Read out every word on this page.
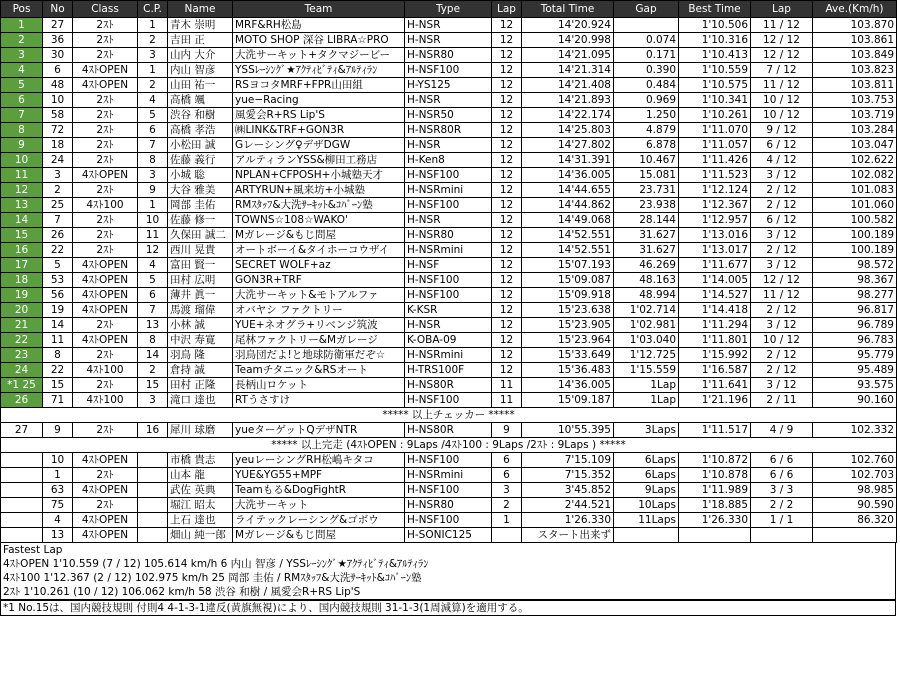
Pos	No	Class	C.P.	Name	Team	Type	Lap	Total Time	Gap	Best Time	Lap	Ave.(Km/h)
1	27	2ｽﾄ	1	青木 崇明	MRF&RH松島	H-NSR	12	14'20.924		1'10.506	11 / 12	103.870
2	36	2ｽﾄ	2	吉田 正	MOTO SHOP 深谷 LIBRA☆PRO	H-NSR	12	14'20.998	0.074	1'10.316	12 / 12	103.861
3	30	2ｽﾄ	3	山内 大介	大洗サーキット+タクマジービー	H-NSR80	12	14'21.095	0.171	1'10.413	12 / 12	103.849
4	6	4ｽﾄOPEN	1	内山 智彦	YSSﾚｰｼﾝｸﾞ★ｱｸﾃｨﾋﾞﾃｨ&ｱﾙﾃｨﾗﾝ	H-NSF100	12	14'21.314	0.390	1'10.559	7 / 12	103.823
5	48	4ｽﾄOPEN	2	山田 祐一	RSヨコタMRF+FPR山田組	H-YS125	12	14'21.408	0.484	1'10.575	11 / 12	103.811
6	10	2ｽﾄ	4	高橋 颯	yue−Racing	H-NSR	12	14'21.893	0.969	1'10.341	10 / 12	103.753
7	58	2ｽﾄ	5	渋谷 和樹	風愛会R+RS Lip'S	H-NSR50	12	14'22.174	1.250	1'10.261	10 / 12	103.719
8	72	2ｽﾄ	6	高橋 孝浩	㈱LINK&TRF+GON3R	H-NSR80R	12	14'25.803	4.879	1'11.070	9 / 12	103.284
9	18	2ｽﾄ	7	小松田 誠	Gレーシング♀デザDGW	H-NSR	12	14'27.802	6.878	1'11.057	6 / 12	103.047
10	24	2ｽﾄ	8	佐藤 義行	アルティランYSS&柳田工務店	H-Ken8	12	14'31.391	10.467	1'11.426	4 / 12	102.622
11	3	4ｽﾄOPEN	3	小城 聡	NPLAN+CFPOSH+小城塾天才	H-NSF100	12	14'36.005	15.081	1'11.523	3 / 12	102.082
12	2	2ｽﾄ	9	大谷 雅美	ARTYRUN+風来坊+小城塾	H-NSRmini	12	14'44.655	23.731	1'12.124	2 / 12	101.083
13	25	4ｽﾄ100	1	岡部 圭佑	RMｽﾀｯﾌ&大洗ｻｰｷｯﾄ&ｺﾊﾞｰﾝ塾	H-NSF100	12	14'44.862	23.938	1'12.367	2 / 12	101.060
14	7	2ｽﾄ	10	佐藤 修一	TOWNS☆108☆WAKO'	H-NSR	12	14'49.068	28.144	1'12.957	6 / 12	100.582
15	26	2ｽﾄ	11	久保田 誠二	Mガレージ&もじ問屋	H-NSR80	12	14'52.551	31.627	1'13.016	3 / 12	100.189
16	22	2ｽﾄ	12	西川 晃貴	オートボーイ&タイホーコウザイ	H-NSRmini	12	14'52.551	31.627	1'13.017	2 / 12	100.189
17	5	4ｽﾄOPEN	4	富田 賢一	SECRET WOLF+az	H-NSF	12	15'07.193	46.269	1'11.677	3 / 12	98.572
18	53	4ｽﾄOPEN	5	田村 広明	GON3R+TRF	H-NSF100	12	15'09.087	48.163	1'14.005	12 / 12	98.367
19	56	4ｽﾄOPEN	6	薄井 眞一	大洗サーキット&モトアルファ	H-NSF100	12	15'09.918	48.994	1'14.527	11 / 12	98.277
20	19	4ｽﾄOPEN	7	馬渡 瑠偉	オバヤシ ファクトリー	K-KSR	12	15'23.638	1'02.714	1'14.418	2 / 12	96.817
21	14	2ｽﾄ	13	小林 誠	YUE+ネオグラ+リベンジ筑波	H-NSR	12	15'23.905	1'02.981	1'11.294	3 / 12	96.789
22	11	4ｽﾄOPEN	8	中沢 寿寛	尾林ファクトリー&Mガレージ	K-OBA-09	12	15'23.964	1'03.040	1'11.801	10 / 12	96.783
23	8	2ｽﾄ	14	羽鳥 隆	羽鳥団だよ!と地球防衛軍だぞ☆	H-NSRmini	12	15'33.649	1'12.725	1'15.992	2 / 12	95.779
24	22	4ｽﾄ100	2	倉持 誠	Teamチタニック&RSオート	H-TRS100F	12	15'36.483	1'15.559	1'16.587	2 / 12	95.489
*1 25	15	2ｽﾄ	15	田村 正隆	長柄山ロケット	H-NS80R	11	14'36.005	1Lap	1'11.641	3 / 12	93.575
26	71	4ｽﾄ100	3	滝口 達也	RTうさすけ	H-NSF100	11	15'09.187	1Lap	1'21.196	2 / 11	90.160
***** 以上チェッカー *****												
27	9	2ｽﾄ	16	犀川 球磨	yueターゲットQデザNTR	H-NS80R	9	10'55.395	3Laps	1'11.517	4 / 9	102.332
***** 以上完走 (4ｽﾄOPEN : 9Laps /4ｽﾄ100 : 9Laps /2ｽﾄ : 9Laps ) *****												
	10	4ｽﾄOPEN		市橋 貴志	yeuレーシングRH松嶋キタコ	H-NSF100	6	7'15.109	6Laps	1'10.872	6 / 6	102.760
	1	2ｽﾄ		山本 龍	YUE&YG55+MPF	H-NSRmini	6	7'15.352	6Laps	1'10.878	6 / 6	102.703
	63	4ｽﾄOPEN		武佐 英典	Teamもる&DogFightR	H-NSF100	3	3'45.852	9Laps	1'11.989	3 / 3	98.985
	75	2ｽﾄ		堀江 昭太	大洗サーキット	H-NSR80	2	2'44.521	10Laps	1'18.885	2 / 2	90.590
	4	4ｽﾄOPEN		上石 達也	ライテックレーシング&ゴボウ	H-NSF100	1	1'26.330	11Laps	1'26.330	1 / 1	86.320
	13	4ｽﾄOPEN		畑山 純一郎	Mガレージ&もじ問屋	H-SONIC125		スタート出来ず				
Fastest Lap
4ｽﾄOPEN 1'10.559 (7 / 12) 105.614 km/h 6 内山 智彦 / YSSﾚｰｼﾝｸﾞ★ｱｸﾃｨﾋﾞﾃｨ&ｱﾙﾃｨﾗﾝ
4ｽﾄ100 1'12.367 (2 / 12) 102.975 km/h 25 岡部 圭佑 / RMｽﾀｯﾌ&大洗ｻｰｷｯﾄ&ｺﾊﾞｰﾝ塾
2ｽﾄ 1'10.261 (10 / 12) 106.062 km/h 58 渋谷 和樹 / 風愛会R+RS Lip'S
*1 No.15は、国内競技規則 付則4 4-1-3-1違反(黄旗無視)により、国内競技規則 31-1-3(1周減算)を適用する。
